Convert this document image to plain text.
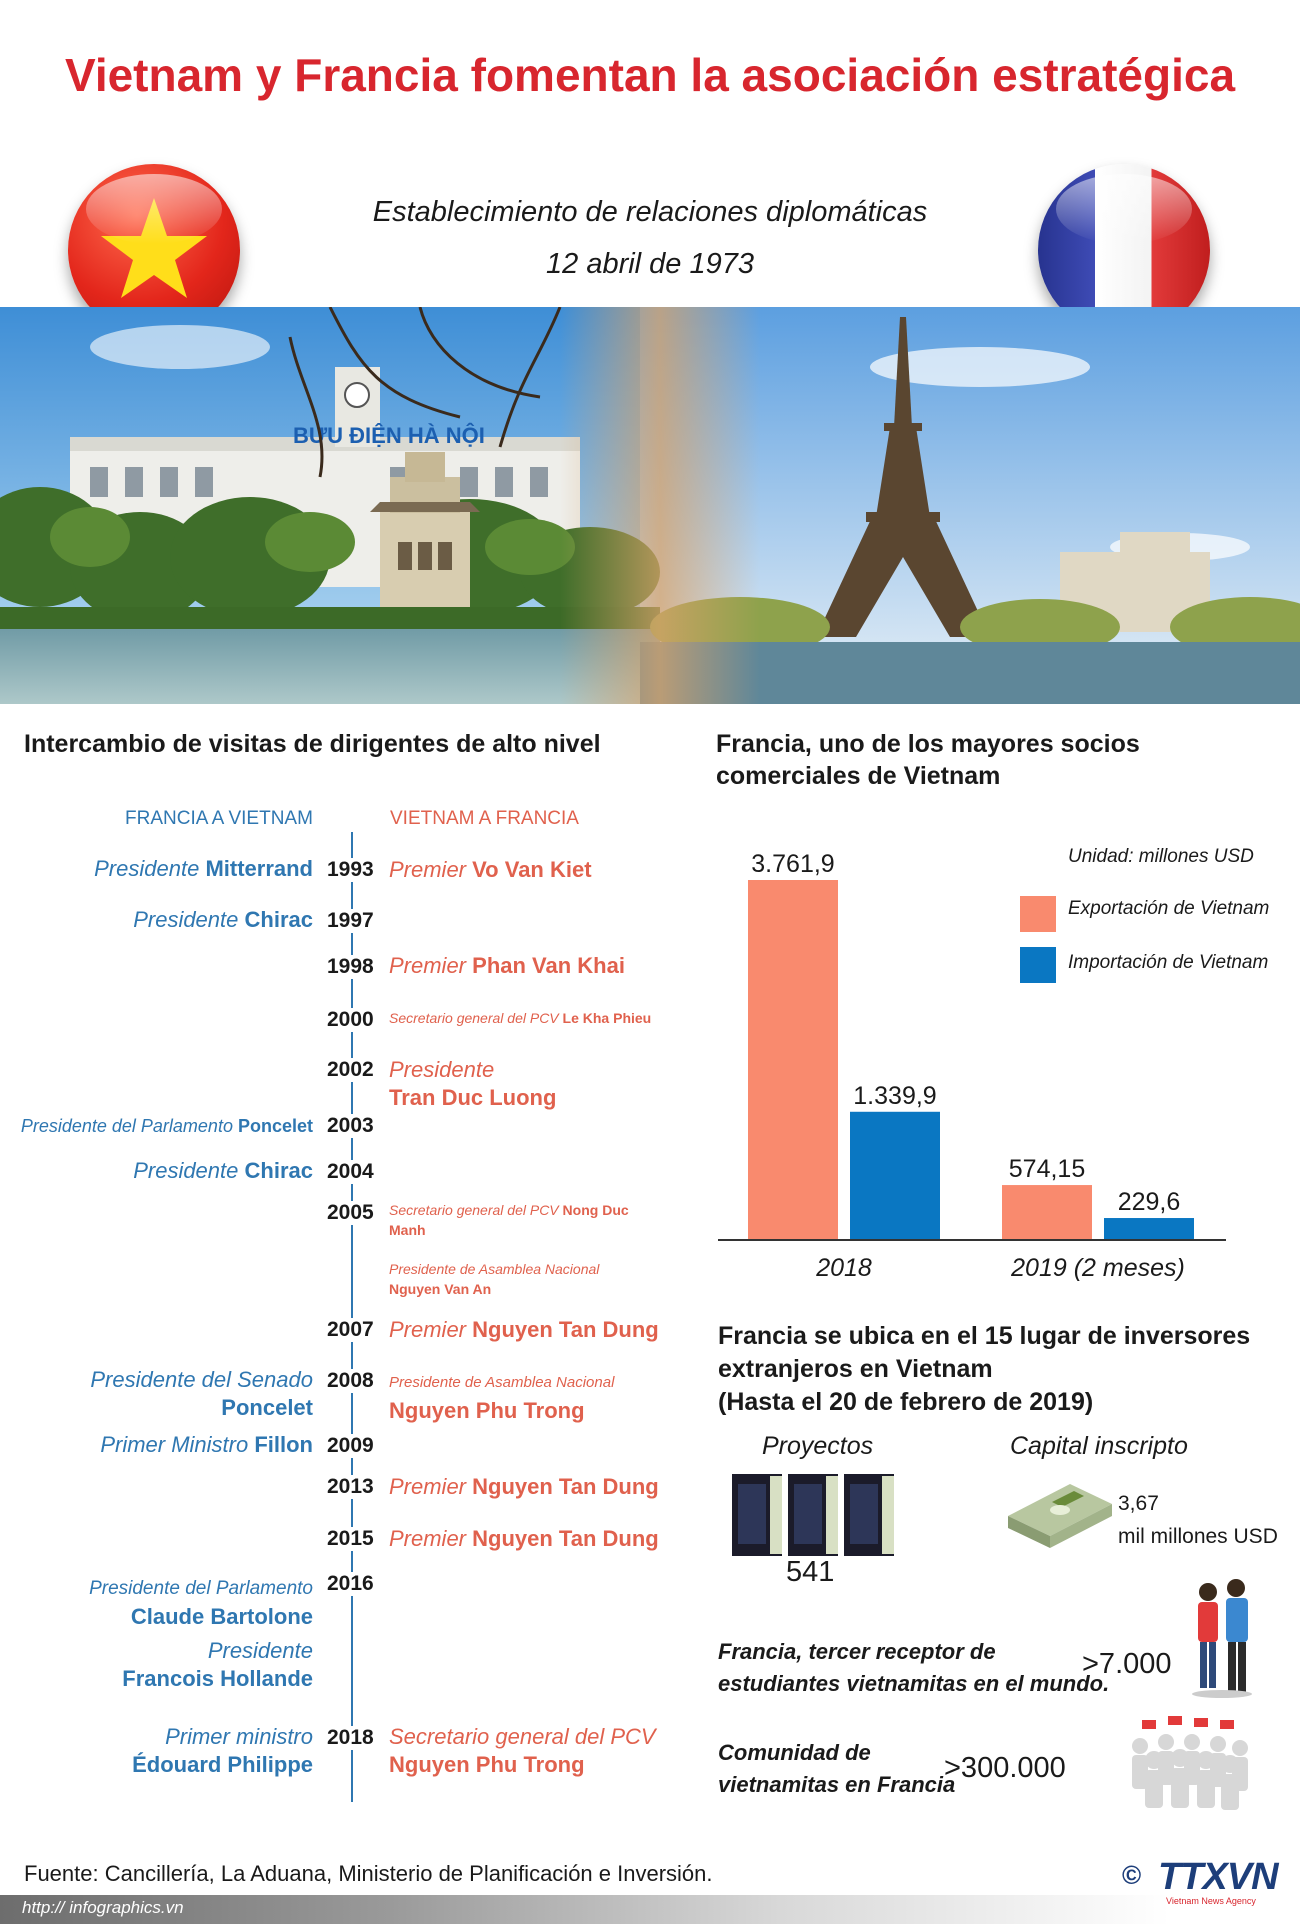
Vietnam y Francia fomentan la asociación estratégica
Establecimiento de relaciones diplomáticas
12 abril de 1973
BƯU ĐIỆN HÀ NỘI
Intercambio de visitas de dirigentes de alto nivel
FRANCIA A VIETNAM	VIETNAM A FRANCIA
Presidente Mitterrand 1993 Premier Vo Van Kiet
Presidente Chirac 1997
1998 Premier Phan Van Khai
2000 Secretario general del PCV Le Kha Phieu
2002 Presidente
Tran Duc Luong
Presidente del Parlamento Poncelet 2003
Presidente Chirac 2004
2005 Secretario general del PCV Nong Duc Manh
Presidente de Asamblea Nacional
Nguyen Van An
2007 Premier Nguyen Tan Dung
Presidente del Senado Poncelet
2008 Presidente de Asamblea Nacional
Nguyen Phu Trong
Primer Ministro Fillon 2009
2013 Premier Nguyen Tan Dung
2015 Premier Nguyen Tan Dung
Presidente del Parlamento
Claude Bartolone
2016
Presidente
Francois Hollande
Primer ministro
Édouard Philippe
2018 Secretario general del PCV
Nguyen Phu Trong
Francia, uno de los mayores socios
comerciales de Vietnam
3.761,9
1.339,9
2018
574,15
229,6
2019 (2 meses)
Unidad: millones USD
Exportación de Vietnam
Importación de Vietnam
Francia se ubica en el 15 lugar de inversores
extranjeros en Vietnam
(Hasta el 20 de febrero de 2019)
Proyectos
541
Capital inscripto
3,67
mil millones USD
Francia, tercer receptor de
estudiantes vietnamitas en el mundo.
>7.000
Comunidad de
vietnamitas en Francia
>300.000
Fuente: Cancillería, La Aduana, Ministerio de Planificación e Inversión.
http:// infographics.vn
© TTXVN
Vietnam News Agency
